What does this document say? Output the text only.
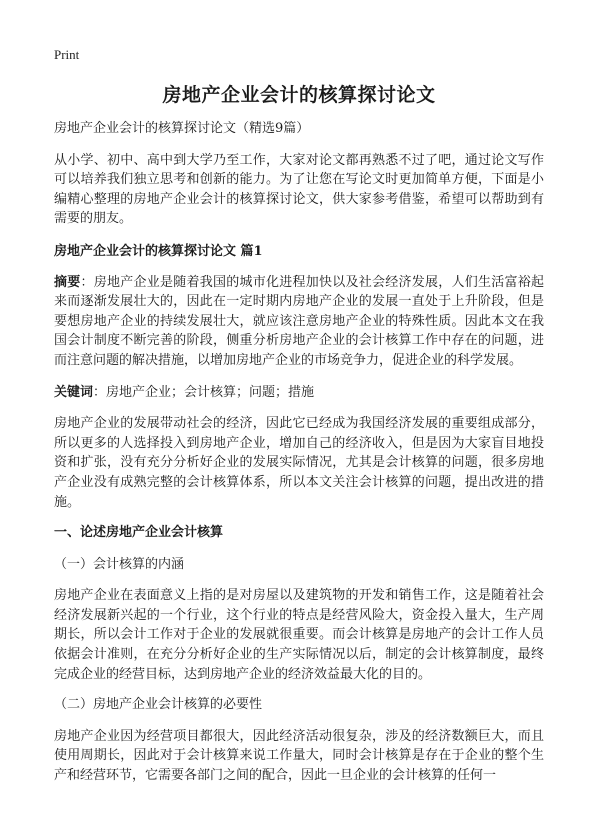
Print
房地产企业会计的核算探讨论文

房地产企业会计的核算探讨论文（精选9篇）

从小学、初中、高中到大学乃至工作，大家对论文都再熟悉不过了吧，通过论文写作可以培养我们独立思考和创新的能力。为了让您在写论文时更加简单方便，下面是小编精心整理的房地产企业会计的核算探讨论文，供大家参考借鉴，希望可以帮助到有需要的朋友。

房地产企业会计的核算探讨论文 篇1

摘要：房地产企业是随着我国的城市化进程加快以及社会经济发展，人们生活富裕起来而逐渐发展壮大的，因此在一定时期内房地产企业的发展一直处于上升阶段，但是要想房地产企业的持续发展壮大，就应该注意房地产企业的特殊性质。因此本文在我国会计制度不断完善的阶段，侧重分析房地产企业的会计核算工作中存在的问题，进而注意问题的解决措施，以增加房地产企业的市场竞争力，促进企业的科学发展。

关键词：房地产企业；会计核算；问题；措施

房地产企业的发展带动社会的经济，因此它已经成为我国经济发展的重要组成部分，所以更多的人选择投入到房地产企业，增加自己的经济收入，但是因为大家盲目地投资和扩张，没有充分分析好企业的发展实际情况，尤其是会计核算的问题，很多房地产企业没有成熟完整的会计核算体系，所以本文关注会计核算的问题，提出改进的措施。

一、论述房地产企业会计核算

（一）会计核算的内涵

房地产企业在表面意义上指的是对房屋以及建筑物的开发和销售工作，这是随着社会经济发展新兴起的一个行业，这个行业的特点是经营风险大，资金投入量大，生产周期长，所以会计工作对于企业的发展就很重要。而会计核算是房地产的会计工作人员依据会计准则，在充分分析好企业的生产实际情况以后，制定的会计核算制度，最终完成企业的经营目标，达到房地产企业的经济效益最大化的目的。

（二）房地产企业会计核算的必要性

房地产企业因为经营项目都很大，因此经济活动很复杂，涉及的经济数额巨大，而且使用周期长，因此对于会计核算来说工作量大，同时会计核算是存在于企业的整个生产和经营环节，它需要各部门之间的配合，因此一旦企业的会计核算的任何一
